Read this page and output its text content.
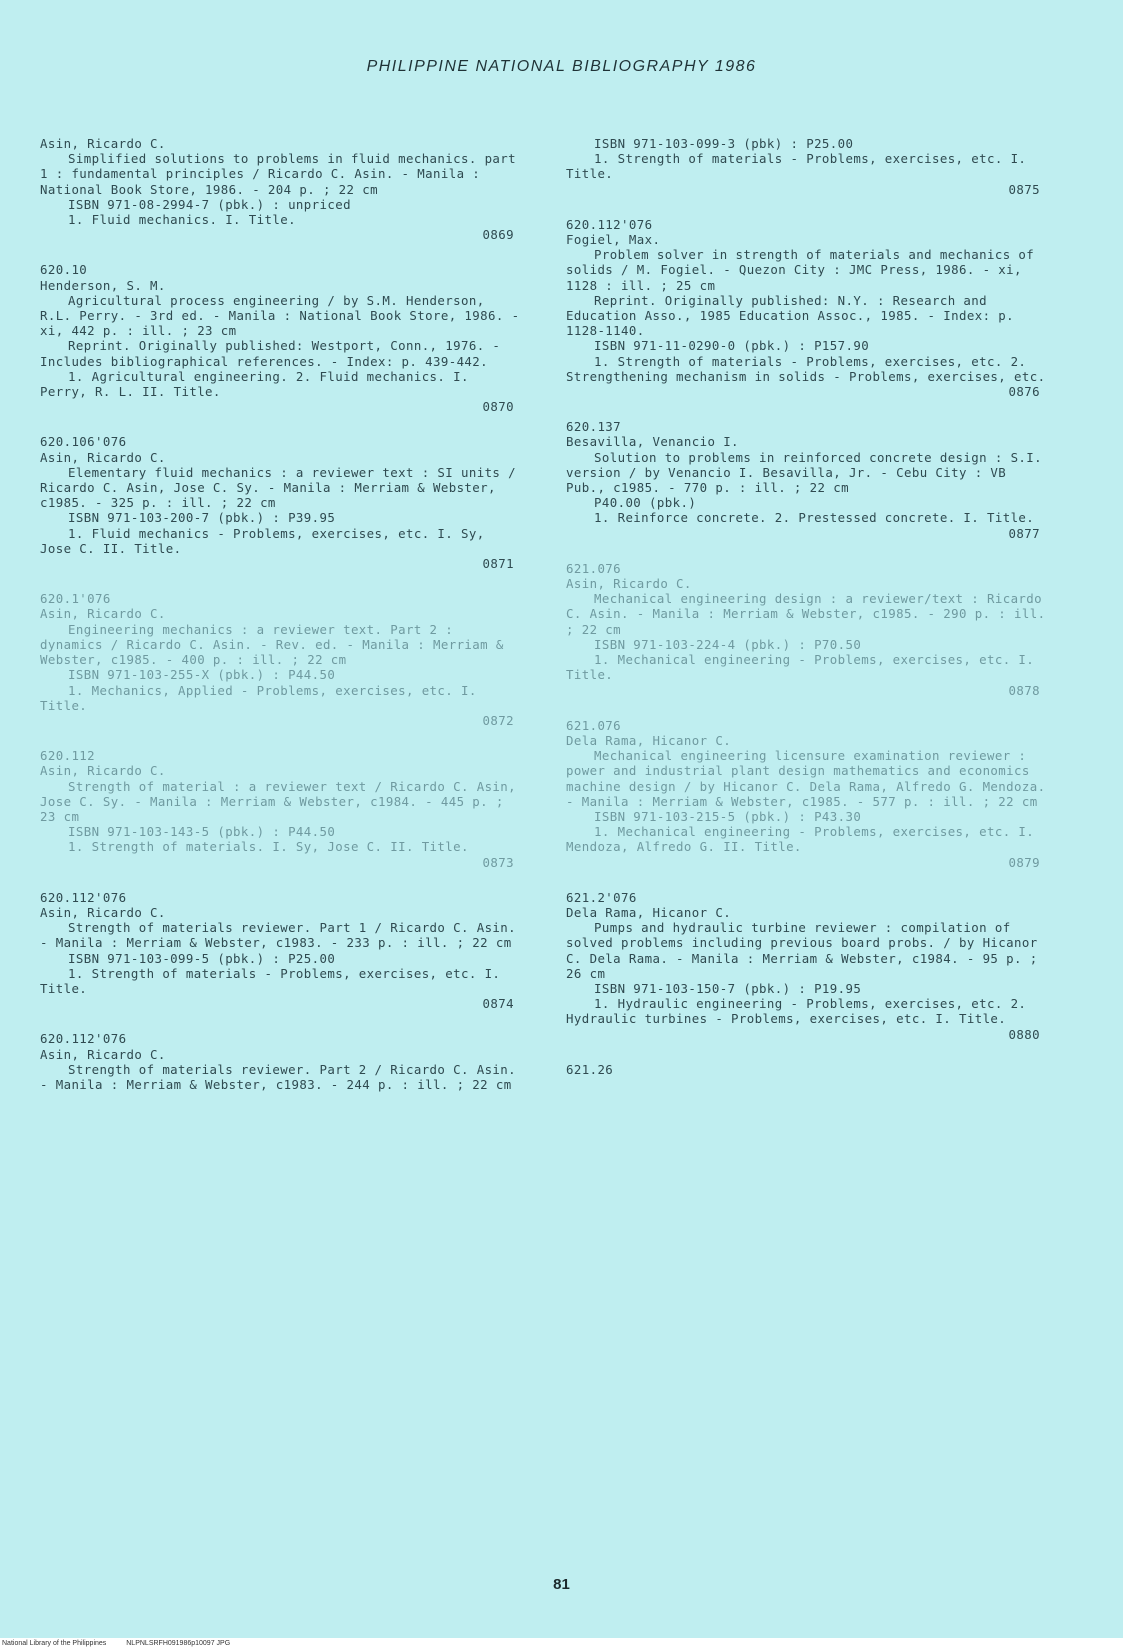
PHILIPPINE NATIONAL BIBLIOGRAPHY 1986
Asin, Ricardo C.
Simplified solutions to problems in fluid mechanics. part 1 : fundamental principles / Ricardo C. Asin. - Manila : National Book Store, 1986. - 204 p. ; 22 cm
ISBN 971-08-2994-7 (pbk.) : unpriced
1. Fluid mechanics. I. Title.
0869
620.10
Henderson, S. M.
Agricultural process engineering / by S.M. Henderson, R.L. Perry. - 3rd ed. - Manila : National Book Store, 1986. - xi, 442 p. : ill. ; 23 cm
Reprint. Originally published: Westport, Conn., 1976. - Includes bibliographical references. - Index: p. 439-442.
1. Agricultural engineering. 2. Fluid mechanics. I. Perry, R. L. II. Title.
0870
620.106'076
Asin, Ricardo C.
Elementary fluid mechanics : a reviewer text : SI units / Ricardo C. Asin, Jose C. Sy. - Manila : Merriam & Webster, c1985. - 325 p. : ill. ; 22 cm
ISBN 971-103-200-7 (pbk.) : P39.95
1. Fluid mechanics - Problems, exercises, etc. I. Sy, Jose C. II. Title.
0871
620.1'076
Asin, Ricardo C.
Engineering mechanics : a reviewer text. Part 2 : dynamics / Ricardo C. Asin. - Rev. ed. - Manila : Merriam & Webster, c1985. - 400 p. : ill. ; 22 cm
ISBN 971-103-255-X (pbk.) : P44.50
1. Mechanics, Applied - Problems, exercises, etc. I. Title.
0872
620.112
Asin, Ricardo C.
Strength of material : a reviewer text / Ricardo C. Asin, Jose C. Sy. - Manila : Merriam & Webster, c1984. - 445 p. ; 23 cm
ISBN 971-103-143-5 (pbk.) : P44.50
1. Strength of materials. I. Sy, Jose C. II. Title.
0873
620.112'076
Asin, Ricardo C.
Strength of materials reviewer. Part 1 / Ricardo C. Asin. - Manila : Merriam & Webster, c1983. - 233 p. : ill. ; 22 cm
ISBN 971-103-099-5 (pbk.) : P25.00
1. Strength of materials - Problems, exercises, etc. I. Title.
0874
620.112'076
Asin, Ricardo C.
Strength of materials reviewer. Part 2 / Ricardo C. Asin. - Manila : Merriam & Webster, c1983. - 244 p. : ill. ; 22 cm
ISBN 971-103-099-3 (pbk) : P25.00
1. Strength of materials - Problems, exercises, etc. I. Title.
0875
620.112'076
Fogiel, Max.
Problem solver in strength of materials and mechanics of solids / M. Fogiel. - Quezon City : JMC Press, 1986. - xi, 1128 : ill. ; 25 cm
Reprint. Originally published: N.Y. : Research and Education Asso., 1985 Education Assoc., 1985. - Index: p. 1128-1140.
ISBN 971-11-0290-0 (pbk.) : P157.90
1. Strength of materials - Problems, exercises, etc. 2. Strengthening mechanism in solids - Problems, exercises, etc.
0876
620.137
Besavilla, Venancio I.
Solution to problems in reinforced concrete design : S.I. version / by Venancio I. Besavilla, Jr. - Cebu City : VB Pub., c1985. - 770 p. : ill. ; 22 cm
P40.00 (pbk.)
1. Reinforce concrete. 2. Prestessed concrete. I. Title.
0877
621.076
Asin, Ricardo C.
Mechanical engineering design : a reviewer/text : Ricardo C. Asin. - Manila : Merriam & Webster, c1985. - 290 p. : ill. ; 22 cm
ISBN 971-103-224-4 (pbk.) : P70.50
1. Mechanical engineering - Problems, exercises, etc. I. Title.
0878
621.076
Dela Rama, Hicanor C.
Mechanical engineering licensure examination reviewer : power and industrial plant design mathematics and economics machine design / by Hicanor C. Dela Rama, Alfredo G. Mendoza. - Manila : Merriam & Webster, c1985. - 577 p. : ill. ; 22 cm
ISBN 971-103-215-5 (pbk.) : P43.30
1. Mechanical engineering - Problems, exercises, etc. I. Mendoza, Alfredo G. II. Title.
0879
621.2'076
Dela Rama, Hicanor C.
Pumps and hydraulic turbine reviewer : compilation of solved problems including previous board probs. / by Hicanor C. Dela Rama. - Manila : Merriam & Webster, c1984. - 95 p. ; 26 cm
ISBN 971-103-150-7 (pbk.) : P19.95
1. Hydraulic engineering - Problems, exercises, etc. 2. Hydraulic turbines - Problems, exercises, etc. I. Title.
0880
621.26
81
National Library of the Philippines	NLPNLSRFH091986p10097 JPG
